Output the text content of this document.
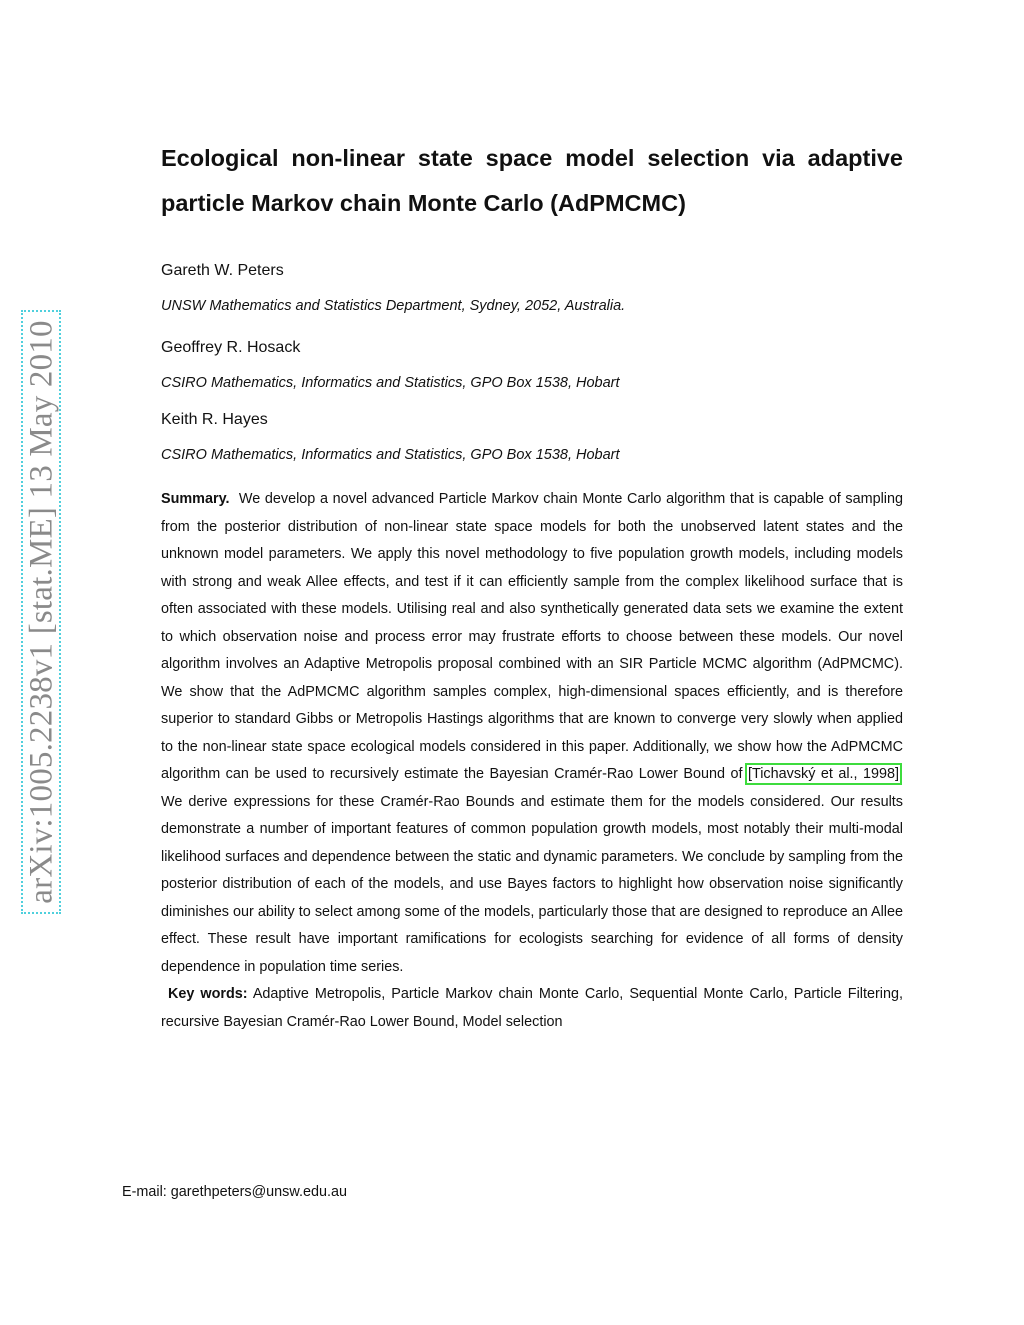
arXiv:1005.2238v1 [stat.ME] 13 May 2010
Ecological non-linear state space model selection via adaptive
particle Markov chain Monte Carlo (AdPMCMC)

Gareth W. Peters

UNSW Mathematics and Statistics Department, Sydney, 2052, Australia.

Geoffrey R. Hosack

CSIRO Mathematics, Informatics and Statistics, GPO Box 1538, Hobart

Keith R. Hayes

CSIRO Mathematics, Informatics and Statistics, GPO Box 1538, Hobart

Summary. We develop a novel advanced Particle Markov chain Monte Carlo algorithm that is capable of sampling from the posterior distribution of non-linear state space models for both the unobserved latent states and the unknown model parameters. We apply this novel methodology to five population growth models, including models with strong and weak Allee effects, and test if it can efficiently sample from the complex likelihood surface that is often associated with these models. Utilising real and also synthetically generated data sets we examine the extent to which observation noise and process error may frustrate efforts to choose between these models. Our novel algorithm involves an Adaptive Metropolis proposal combined with an SIR Particle MCMC algorithm (AdPMCMC). We show that the AdPMCMC algorithm samples complex, high-dimensional spaces efficiently, and is therefore superior to standard Gibbs or Metropolis Hastings algorithms that are known to converge very slowly when applied to the non-linear state space ecological models considered in this paper. Additionally, we show how the AdPMCMC algorithm can be used to recursively estimate the Bayesian Cramér-Rao Lower Bound of [Tichavský et al., 1998]. We derive expressions for these Cramér-Rao Bounds and estimate them for the models considered. Our results demonstrate a number of important features of common population growth models, most notably their multi-modal likelihood surfaces and dependence between the static and dynamic parameters. We conclude by sampling from the posterior distribution of each of the models, and use Bayes factors to highlight how observation noise significantly diminishes our ability to select among some of the models, particularly those that are designed to reproduce an Allee effect. These result have important ramifications for ecologists searching for evidence of all forms of density dependence in population time series.

Key words: Adaptive Metropolis, Particle Markov chain Monte Carlo, Sequential Monte Carlo, Particle Filtering, recursive Bayesian Cramér-Rao Lower Bound, Model selection

E-mail: garethpeters@unsw.edu.au
